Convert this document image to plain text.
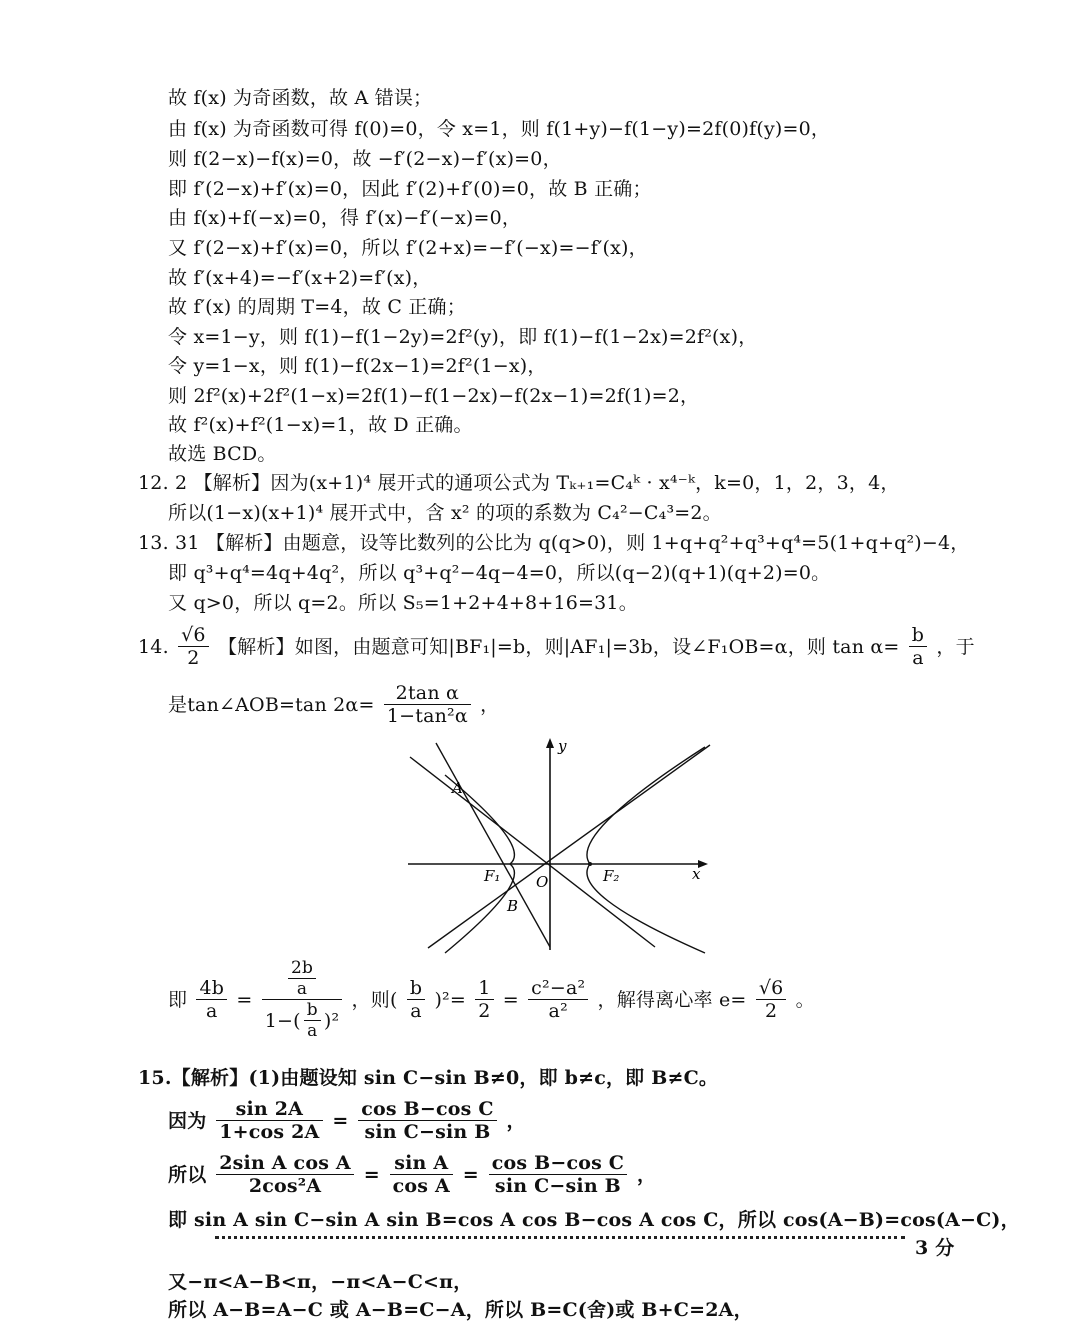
故 f(x) 为奇函数，故 A 错误；
由 f(x) 为奇函数可得 f(0)=0，令 x=1，则 f(1+y)−f(1−y)=2f(0)f(y)=0，
则 f(2−x)−f(x)=0，故 −f′(2−x)−f′(x)=0，
即 f′(2−x)+f′(x)=0，因此 f′(2)+f′(0)=0，故 B 正确；
由 f(x)+f(−x)=0，得 f′(x)−f′(−x)=0，
又 f′(2−x)+f′(x)=0，所以 f′(2+x)=−f′(−x)=−f′(x)，
故 f′(x+4)=−f′(x+2)=f′(x)，
故 f′(x) 的周期 T=4，故 C 正确；
令 x=1−y，则 f(1)−f(1−2y)=2f²(y)，即 f(1)−f(1−2x)=2f²(x)，
令 y=1−x，则 f(1)−f(2x−1)=2f²(1−x)，
则 2f²(x)+2f²(1−x)=2f(1)−f(1−2x)−f(2x−1)=2f(1)=2，
故 f²(x)+f²(1−x)=1，故 D 正确。
故选 BCD。
12. 2 【解析】因为(x+1)⁴ 展开式的通项公式为 Tₖ₊₁=C₄ᵏ · x⁴⁻ᵏ，k=0，1，2，3，4，
所以(1−x)(x+1)⁴ 展开式中，含 x² 的项的系数为 C₄²−C₄³=2。
13. 31 【解析】由题意，设等比数列的公比为 q(q>0)，则 1+q+q²+q³+q⁴=5(1+q+q²)−4，
即 q³+q⁴=4q+4q²，所以 q³+q²−4q−4=0，所以(q−2)(q+1)(q+2)=0。
又 q>0，所以 q=2。所以 S₅=1+2+4+8+16=31。
14. $\frac{√6}{2}$ 【解析】如图，由题意可知|BF₁|=b，则|AF₁|=3b，设∠F₁OB=α，则 $\tan \alpha= \frac{b}{a}$ ，于
是tan∠AOB=tan $2\alpha= \frac{\text{2tan α}}{\text{1−tan²α}}$ ，
y
x
A
B
F₁ O	F₂
即 $\frac{4b}{a} = \frac{\frac{2b}{a}}{1-( \frac{b}{a} )^2}$ ，则( $\frac{b}{a} )^2= \frac{1}{2} = \frac{\text{c²−a²}}{\text{a²}}$ ，解得离心率 $e= \frac{√6}{2}$ 。
15.【解析】(1)由题设知 sin C−sin B≠0，即 b≠c，即 B≠C。
因为 $\frac{\sin 2A}{1+\cos 2A} = \frac{\text{cos B−cos C}}{\text{sin C−sin B}}$ ，
所以 $\frac{\text{2sin A cos A}}{\text{2cos²A}} = \frac{\text{sin A}}{\text{cos A}} = \frac{\text{cos B−cos C}}{\text{sin C−sin B}}$ ，
即 sin A sin C−sin A sin B=cos A cos B−cos A cos C，所以 cos(A−B)=cos(A−C)，
3 分
又−π<A−B<π，−π<A−C<π，
所以 A−B=A−C 或 A−B=C−A，所以 B=C(舍)或 B+C=2A，
